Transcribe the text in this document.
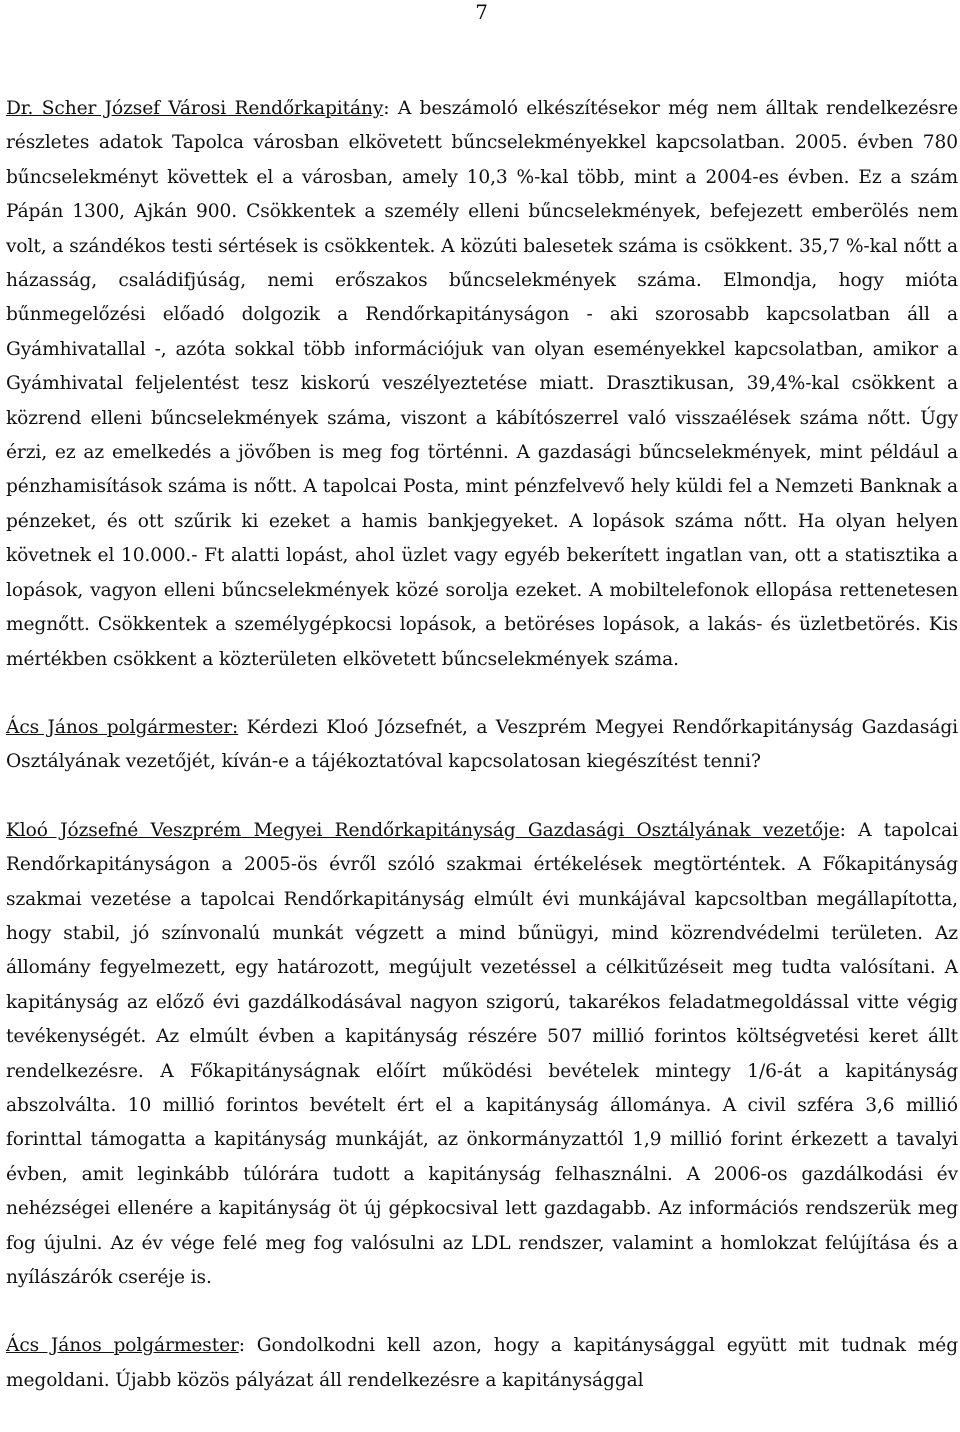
7

Dr. Scher József Városi Rendőrkapitány: A beszámoló elkészítésekor még nem álltak rendelkezésre részletes adatok Tapolca városban elkövetett bűncselekményekkel kapcsolatban. 2005. évben 780 bűncselekményt követtek el a városban, amely 10,3 %-kal több, mint a 2004-es évben. Ez a szám Pápán 1300, Ajkán 900. Csökkentek a személy elleni bűncselekmények, befejezett emberölés nem volt, a szándékos testi sértések is csökkentek. A közúti balesetek száma is csökkent. 35,7 %-kal nőtt a házasság, családifjúság, nemi erőszakos bűncselekmények száma. Elmondja, hogy mióta bűnmegelőzési előadó dolgozik a Rendőrkapitányságon - aki szorosabb kapcsolatban áll a Gyámhivatallal -, azóta sokkal több információjuk van olyan eseményekkel kapcsolatban, amikor a Gyámhivatal feljelentést tesz kiskorú veszélyeztetése miatt. Drasztikusan, 39,4%-kal csökkent a közrend elleni bűncselekmények száma, viszont a kábítószerrel való visszaélések száma nőtt. Úgy érzi, ez az emelkedés a jövőben is meg fog történni. A gazdasági bűncselekmények, mint például a pénzhamisítások száma is nőtt. A tapolcai Posta, mint pénzfelvevő hely küldi fel a Nemzeti Banknak a pénzeket, és ott szűrik ki ezeket a hamis bankjegyeket. A lopások száma nőtt. Ha olyan helyen követnek el 10.000.- Ft alatti lopást, ahol üzlet vagy egyéb bekerített ingatlan van, ott a statisztika a lopások, vagyon elleni bűncselekmények közé sorolja ezeket. A mobiltelefonok ellopása rettenetesen megnőtt. Csökkentek a személygépkocsi lopások, a betöréses lopások, a lakás- és üzletbetörés. Kis mértékben csökkent a közterületen elkövetett bűncselekmények száma.

Ács János polgármester: Kérdezi Kloó Józsefnét, a Veszprém Megyei Rendőrkapitányság Gazdasági Osztályának vezetőjét, kíván-e a tájékoztatóval kapcsolatosan kiegészítést tenni?

Kloó Józsefné Veszprém Megyei Rendőrkapitányság Gazdasági Osztályának vezetője: A tapolcai Rendőrkapitányságon a 2005-ös évről szóló szakmai értékelések megtörténtek. A Főkapitányság szakmai vezetése a tapolcai Rendőrkapitányság elmúlt évi munkájával kapcsoltban megállapította, hogy stabil, jó színvonalú munkát végzett a mind bűnügyi, mind közrendvédelmi területen. Az állomány fegyelmezett, egy határozott, megújult vezetéssel a célkitűzéseit meg tudta valósítani. A kapitányság az előző évi gazdálkodásával nagyon szigorú, takarékos feladatmegoldással vitte végig tevékenységét. Az elmúlt évben a kapitányság részére 507 millió forintos költségvetési keret állt rendelkezésre. A Főkapitányságnak előírt működési bevételek mintegy 1/6-át a kapitányság abszolválta. 10 millió forintos bevételt ért el a kapitányság állománya. A civil szféra 3,6 millió forinttal támogatta a kapitányság munkáját, az önkormányzattól 1,9 millió forint érkezett a tavalyi évben, amit leginkább túlórára tudott a kapitányság felhasználni. A 2006-os gazdálkodási év nehézségei ellenére a kapitányság öt új gépkocsival lett gazdagabb. Az információs rendszerük meg fog újulni. Az év vége felé meg fog valósulni az LDL rendszer, valamint a homlokzat felújítása és a nyílászárók cseréje is.

Ács János polgármester: Gondolkodni kell azon, hogy a kapitánysággal együtt mit tudnak még megoldani. Újabb közös pályázat áll rendelkezésre a kapitánysággal
